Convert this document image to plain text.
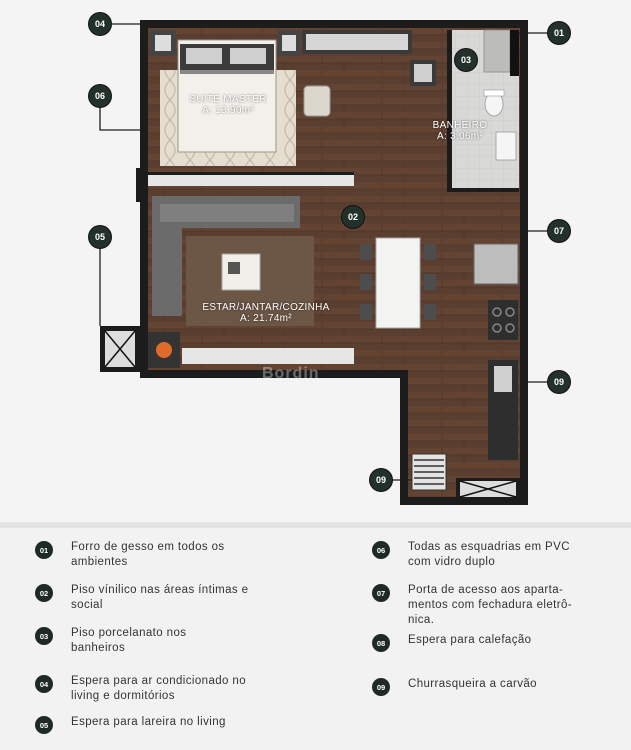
SUITE MASTER
A: 13.90m²
BANHEIRO
A: 3.06m²
ESTAR/JANTAR/COZINHA
A: 21.74m²
Bordin
04
06
05
03
01
02
07
09
09
01	Forro de gesso em todos os
ambientes
02	Piso vínilico nas áreas íntimas e
social
03	Piso porcelanato nos
banheiros
04	Espera para ar condicionado no
living e dormitórios
05	Espera para lareira no living
06	Todas as esquadrias em PVC
com vidro duplo
07	Porta de acesso aos aparta-
mentos com fechadura eletrô-
nica.
08	Espera para calefação
09	Churrasqueira a carvão
